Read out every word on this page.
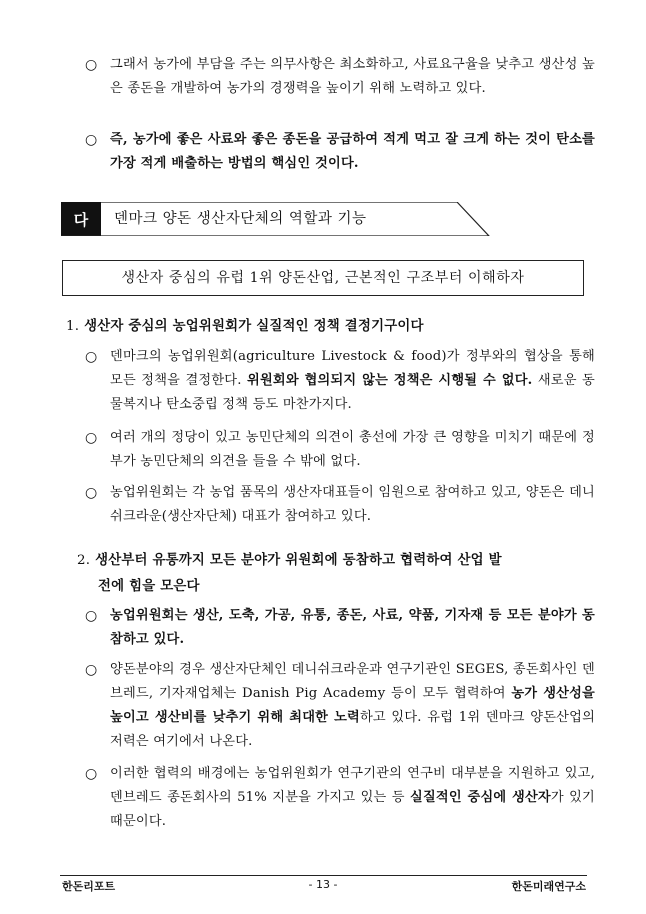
○ 그래서 농가에 부담을 주는 의무사항은 최소화하고, 사료요구율을 낮추고 생산성 높은 종돈을 개발하여 농가의 경쟁력을 높이기 위해 노력하고 있다.
○ 즉, 농가에 좋은 사료와 좋은 종돈을 공급하여 적게 먹고 잘 크게 하는 것이 탄소를 가장 적게 배출하는 방법의 핵심인 것이다.
다	덴마크 양돈 생산자단체의 역할과 기능
생산자 중심의 유럽 1위 양돈산업, 근본적인 구조부터 이해하자
1. 생산자 중심의 농업위원회가 실질적인 정책 결정기구이다
○ 덴마크의 농업위원회(agriculture Livestock & food)가 정부와의 협상을 통해 모든 정책을 결정한다. 위원회와 협의되지 않는 정책은 시행될 수 없다. 새로운 동물복지나 탄소중립 정책 등도 마찬가지다.
○ 여러 개의 정당이 있고 농민단체의 의견이 총선에 가장 큰 영향을 미치기 때문에 정부가 농민단체의 의견을 들을 수 밖에 없다.
○ 농업위원회는 각 농업 품목의 생산자대표들이 임원으로 참여하고 있고, 양돈은 데니쉬크라운(생산자단체) 대표가 참여하고 있다.
2. 생산부터 유통까지 모든 분야가 위원회에 동참하고 협력하여 산업 발
전에 힘을 모은다
○ 농업위원회는 생산, 도축, 가공, 유통, 종돈, 사료, 약품, 기자재 등 모든 분야가 동참하고 있다.
○ 양돈분야의 경우 생산자단체인 데니쉬크라운과 연구기관인 SEGES, 종돈회사인 덴브레드, 기자재업체는 Danish Pig Academy 등이 모두 협력하여 농가 생산성을 높이고 생산비를 낮추기 위해 최대한 노력하고 있다. 유럽 1위 덴마크 양돈산업의 저력은 여기에서 나온다.
○ 이러한 협력의 배경에는 농업위원회가 연구기관의 연구비 대부분을 지원하고 있고, 덴브레드 종돈회사의 51% 지분을 가지고 있는 등 실질적인 중심에 생산자가 있기 때문이다.
한돈리포트	- 13 -	한돈미래연구소
